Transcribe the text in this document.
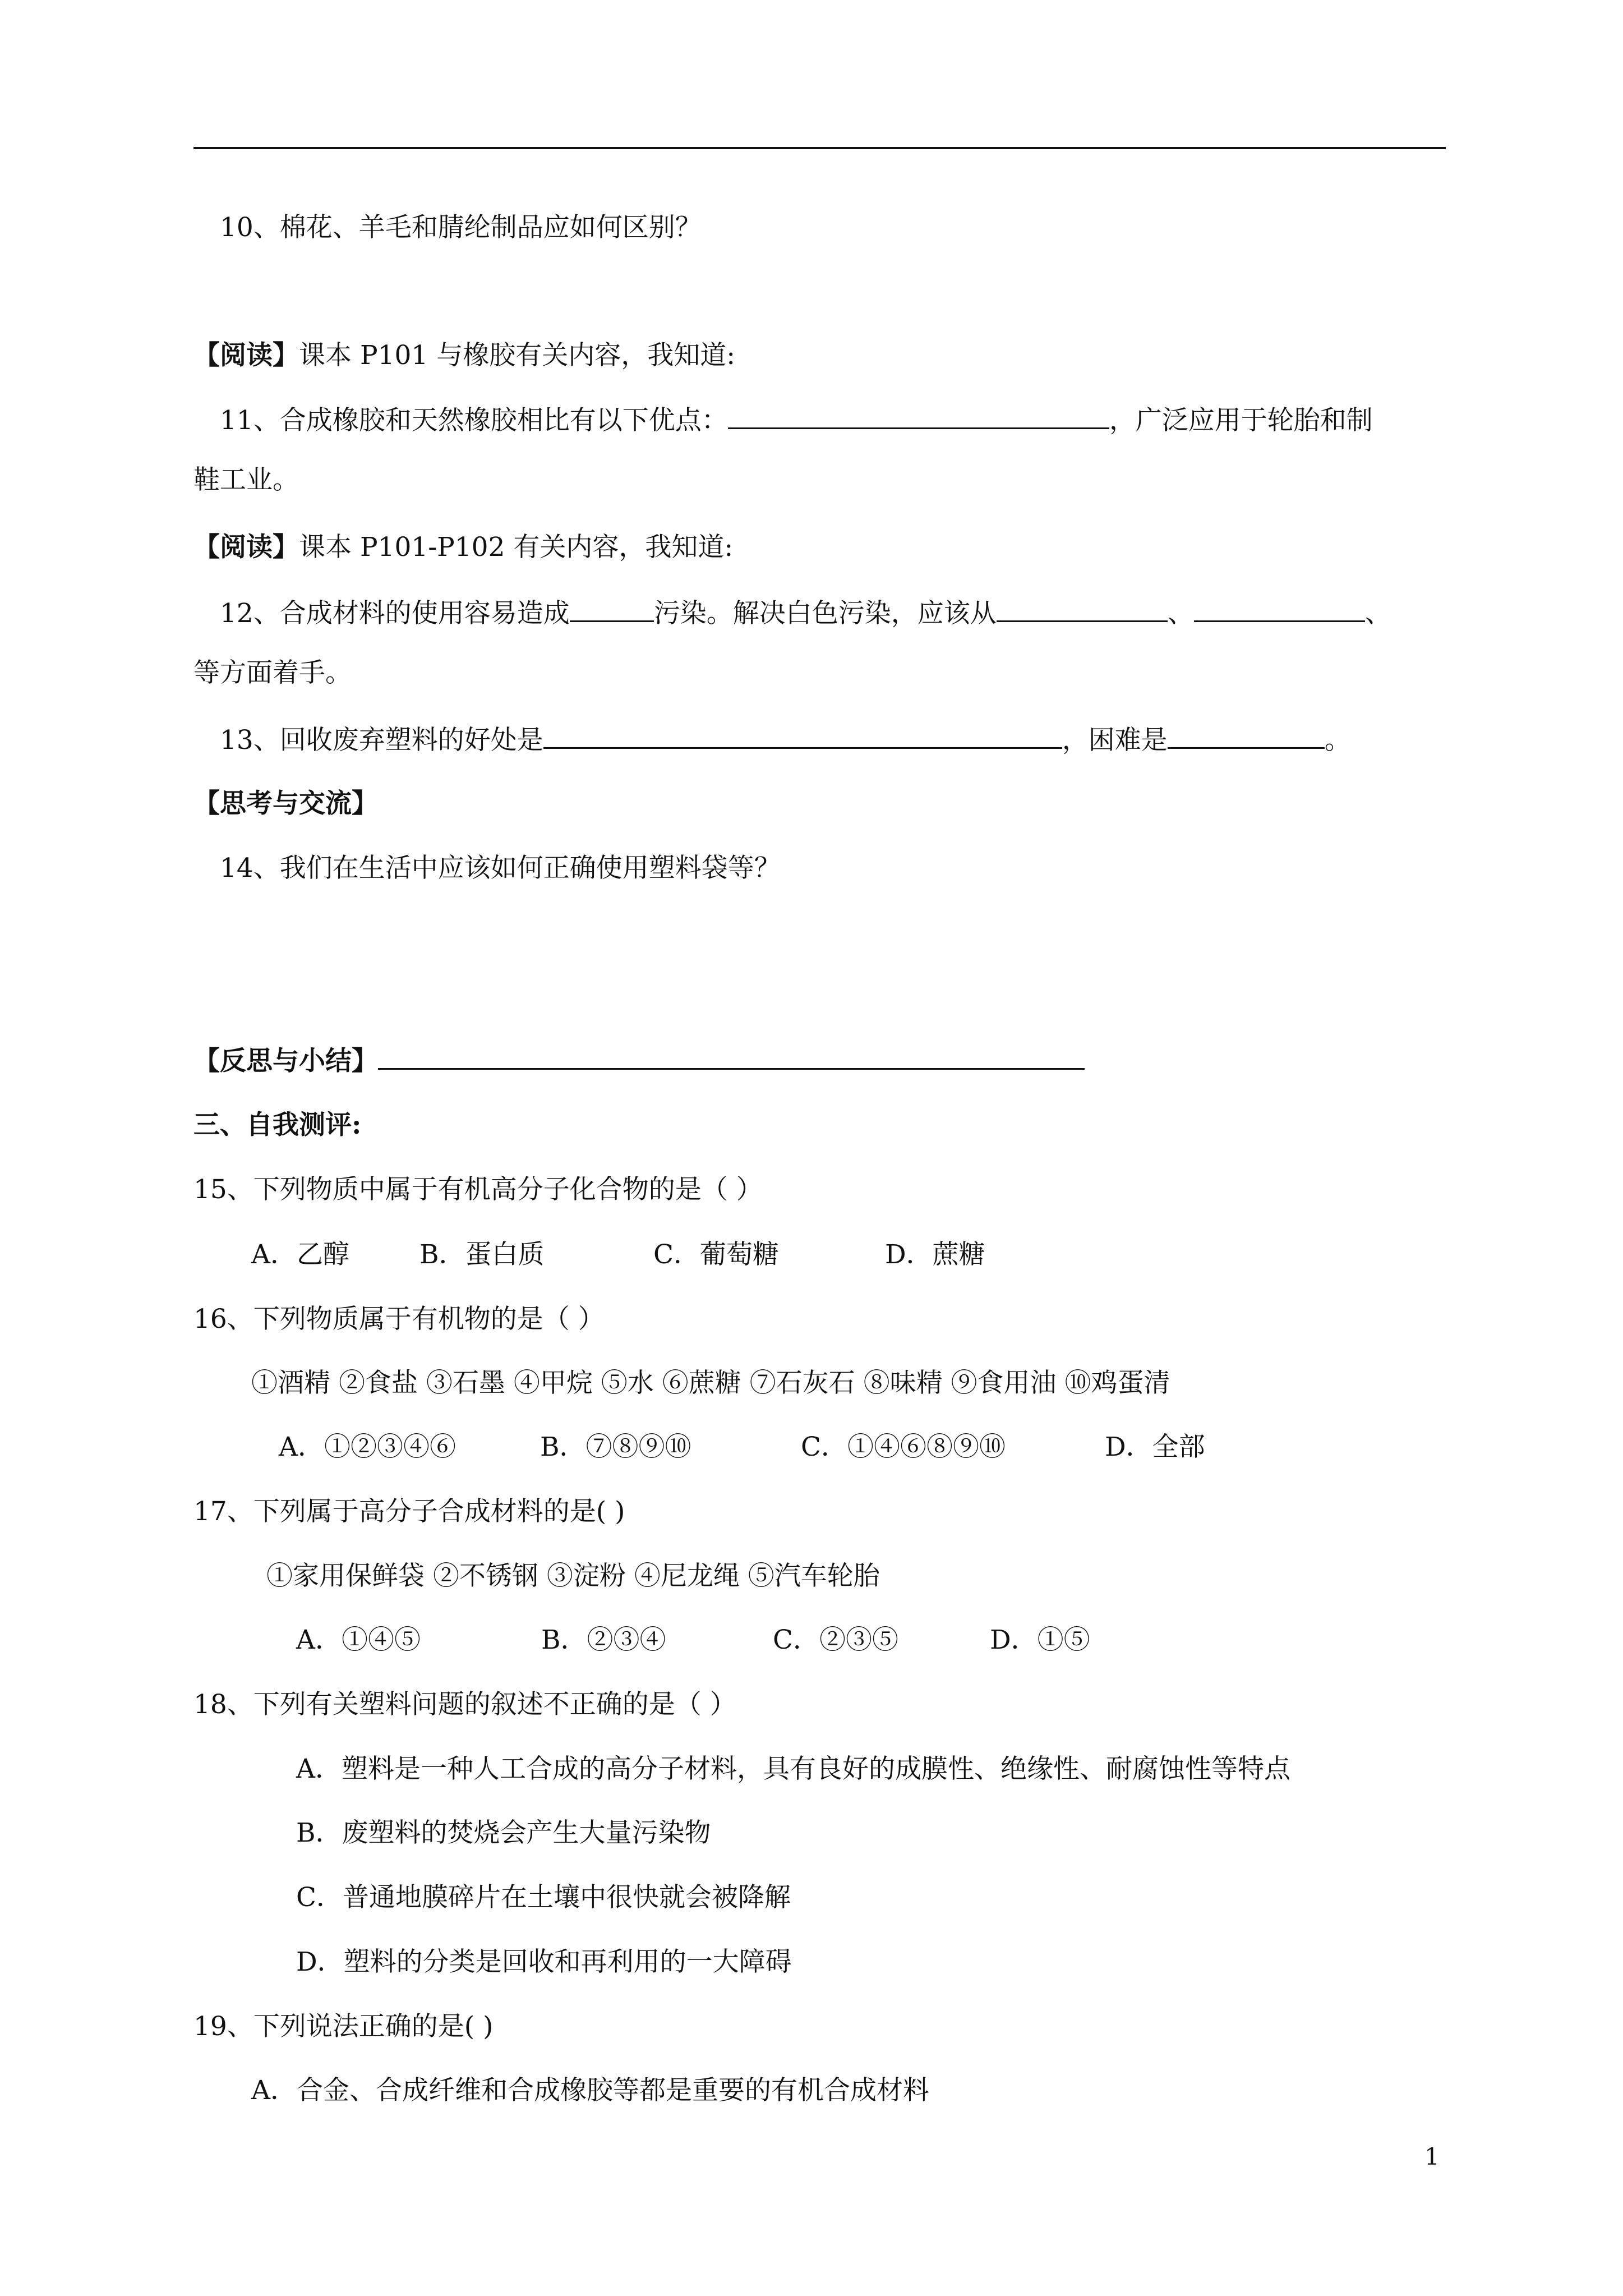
10、棉花、羊毛和腈纶制品应如何区别？
【阅读】课本 P101 与橡胶有关内容，我知道:
11、合成橡胶和天然橡胶相比有以下优点：	，广泛应用于轮胎和制
鞋工业。
【阅读】课本 P101-P102 有关内容，我知道:
12、合成材料的使用容易造成	污染。解决白色污染，应该从	、	、
等方面着手。
13、回收废弃塑料的好处是	，困难是	。
【思考与交流】
14、我们在生活中应该如何正确使用塑料袋等？
【反思与小结】
三、自我测评:
15、下列物质中属于有机高分子化合物的是（ ）
A．乙醇	B．蛋白质	C．葡萄糖	D．蔗糖
16、下列物质属于有机物的是（ ）
①酒精 ②食盐 ③石墨 ④甲烷 ⑤水 ⑥蔗糖 ⑦石灰石 ⑧味精 ⑨食用油 ⑩鸡蛋清
A．①②③④⑥	B．⑦⑧⑨⑩	C．①④⑥⑧⑨⑩	D．全部
17、下列属于高分子合成材料的是( )
①家用保鲜袋 ②不锈钢 ③淀粉 ④尼龙绳 ⑤汽车轮胎
A．①④⑤	B．②③④	C．②③⑤	D．①⑤
18、下列有关塑料问题的叙述不正确的是（ ）
A．塑料是一种人工合成的高分子材料，具有良好的成膜性、绝缘性、耐腐蚀性等特点
B．废塑料的焚烧会产生大量污染物
C．普通地膜碎片在土壤中很快就会被降解
D．塑料的分类是回收和再利用的一大障碍
19、下列说法正确的是( )
A．合金、合成纤维和合成橡胶等都是重要的有机合成材料
1
